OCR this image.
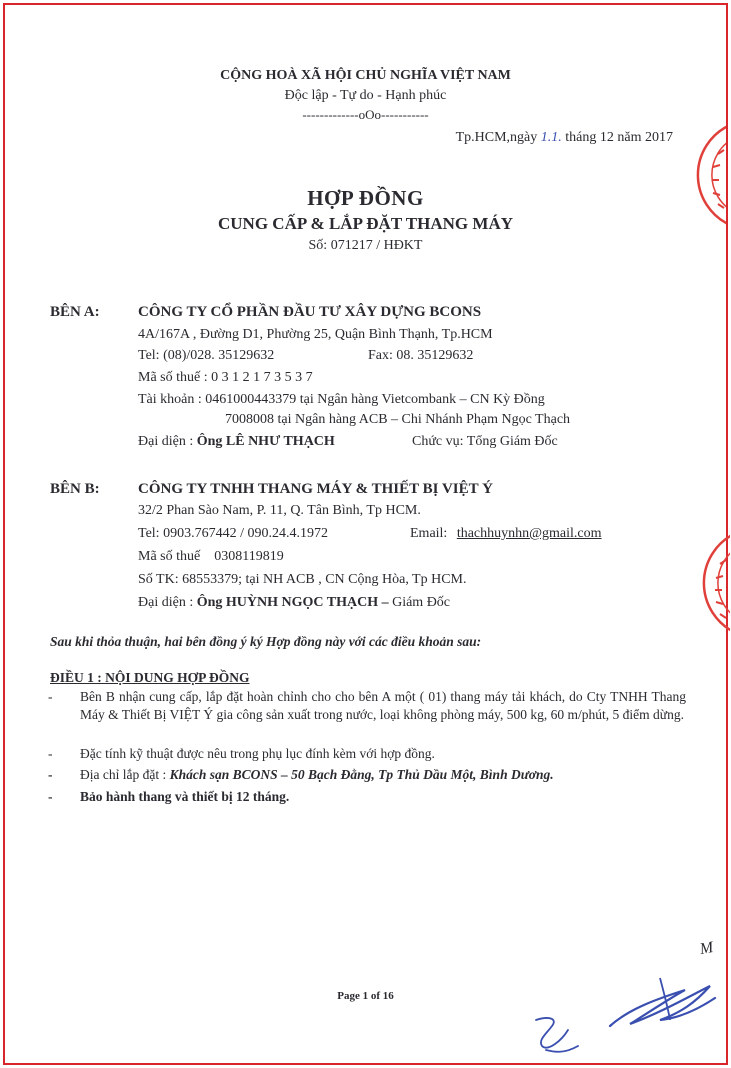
CỘNG HOÀ XÃ HỘI CHỦ NGHĨA VIỆT NAM
Độc lập - Tự do - Hạnh phúc
-------------oOo-----------
Tp.HCM,ngày 1.1. tháng 12 năm 2017
HỢP ĐỒNG
CUNG CẤP & LẮP ĐẶT THANG MÁY
Số: 071217 / HĐKT
BÊN A:	CÔNG TY CỔ PHẦN ĐẦU TƯ XÂY DỰNG BCONS
4A/167A , Đường D1, Phường 25, Quận Bình Thạnh, Tp.HCM
Tel: (08)/028. 35129632	Fax: 08. 35129632
Mã số thuế : 0 3 1 2 1 7 3 5 3 7
Tài khoản : 0461000443379 tại Ngân hàng Vietcombank – CN Kỳ Đồng
7008008 tại Ngân hàng ACB – Chi Nhánh Phạm Ngọc Thạch
Đại diện : Ông LÊ NHƯ THẠCH	Chức vụ: Tổng Giám Đốc
BÊN B:	CÔNG TY TNHH THANG MÁY & THIẾT BỊ VIỆT Ý
32/2 Phan Sào Nam, P. 11, Q. Tân Bình, Tp HCM.
Tel: 0903.767442 / 090.24.4.1972	Email: thachhuynhn@gmail.com
Mã số thuế    0308119819
Số TK: 68553379; tại NH ACB , CN Cộng Hòa, Tp HCM.
Đại diện : Ông HUỲNH NGỌC THẠCH – Giám Đốc
Sau khi thỏa thuận, hai bên đồng ý ký Hợp đồng này với các điều khoản sau:
ĐIỀU 1 : NỘI DUNG HỢP ĐỒNG
- Bên B nhận cung cấp, lắp đặt hoàn chỉnh cho cho bên A một ( 01) thang máy tải khách, do Cty TNHH Thang Máy & Thiết Bị VIỆT Ý gia công sản xuất trong nước, loại không phòng máy, 500 kg, 60 m/phút, 5 điểm dừng.
- Đặc tính kỹ thuật được nêu trong phụ lục đính kèm với hợp đồng.
- Địa chỉ lắp đặt : Khách sạn BCONS – 50 Bạch Đằng, Tp Thủ Dầu Một, Bình Dương.
- Bảo hành thang và thiết bị 12 tháng.
Page 1 of 16
M
